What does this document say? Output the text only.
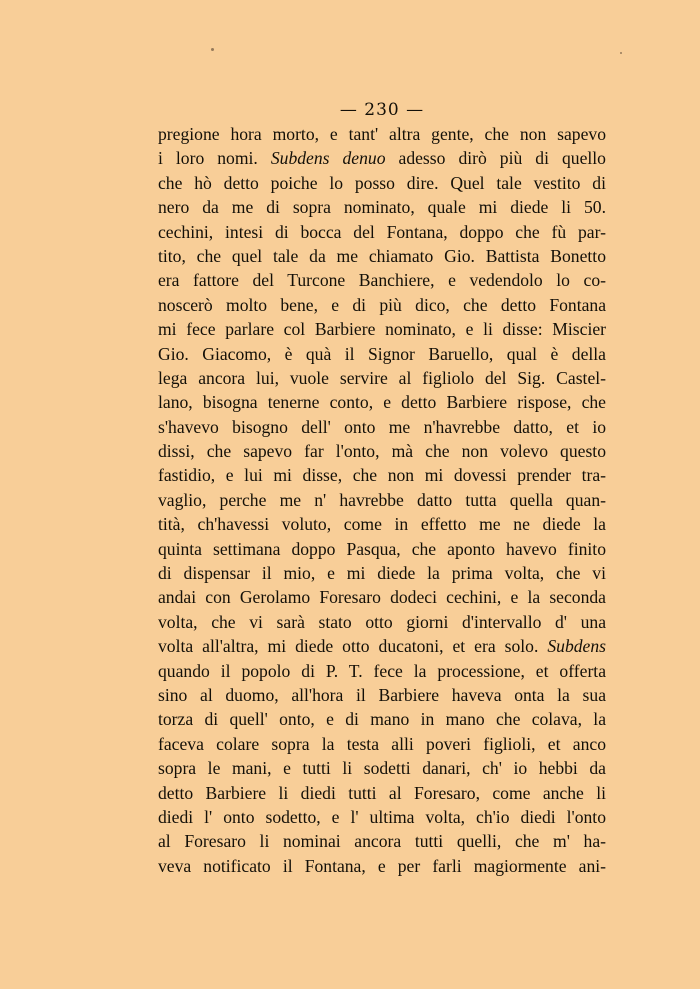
— 230 —
pregione hora morto, e tant' altra gente, che non sapevo
i loro nomi. Subdens denuo adesso dirò più di quello
che hò detto poiche lo posso dire. Quel tale vestito di
nero da me di sopra nominato, quale mi diede li 50.
cechini, intesi di bocca del Fontana, doppo che fù par-
tito, che quel tale da me chiamato Gio. Battista Bonetto
era fattore del Turcone Banchiere, e vedendolo lo co-
noscerò molto bene, e di più dico, che detto Fontana
mi fece parlare col Barbiere nominato, e li disse: Miscier
Gio. Giacomo, è quà il Signor Baruello, qual è della
lega ancora lui, vuole servire al figliolo del Sig. Castel-
lano, bisogna tenerne conto, e detto Barbiere rispose, che
s'havevo bisogno dell' onto me n'havrebbe datto, et io
dissi, che sapevo far l'onto, mà che non volevo questo
fastidio, e lui mi disse, che non mi dovessi prender tra-
vaglio, perche me n' havrebbe datto tutta quella quan-
tità, ch'havessi voluto, come in effetto me ne diede la
quinta settimana doppo Pasqua, che aponto havevo finito
di dispensar il mio, e mi diede la prima volta, che vi
andai con Gerolamo Foresaro dodeci cechini, e la seconda
volta, che vi sarà stato otto giorni d'intervallo d' una
volta all'altra, mi diede otto ducatoni, et era solo. Subdens
quando il popolo di P. T. fece la processione, et offerta
sino al duomo, all'hora il Barbiere haveva onta la sua
torza di quell' onto, e di mano in mano che colava, la
faceva colare sopra la testa alli poveri figlioli, et anco
sopra le mani, e tutti li sodetti danari, ch' io hebbi da
detto Barbiere li diedi tutti al Foresaro, come anche li
diedi l' onto sodetto, e l' ultima volta, ch'io diedi l'onto
al Foresaro li nominai ancora tutti quelli, che m' ha-
veva notificato il Fontana, e per farli magiormente ani-
